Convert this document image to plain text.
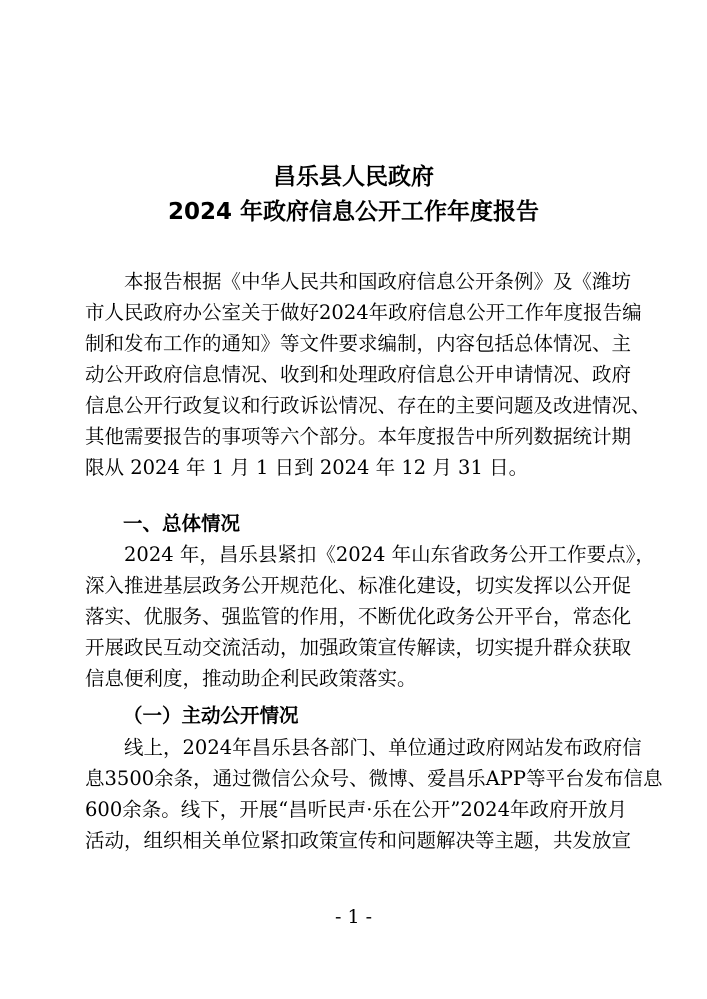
昌乐县人民政府
2024 年政府信息公开工作年度报告
　　本报告根据《中华人民共和国政府信息公开条例》及《潍坊
市人民政府办公室关于做好2024年政府信息公开工作年度报告编
制和发布工作的通知》等文件要求编制，内容包括总体情况、主
动公开政府信息情况、收到和处理政府信息公开申请情况、政府
信息公开行政复议和行政诉讼情况、存在的主要问题及改进情况、
其他需要报告的事项等六个部分。本年度报告中所列数据统计期
限从 2024 年 1 月 1 日到 2024 年 12 月 31 日。
一、总体情况
　　2024 年，昌乐县紧扣《2024 年山东省政务公开工作要点》，
深入推进基层政务公开规范化、标准化建设，切实发挥以公开促
落实、优服务、强监管的作用，不断优化政务公开平台，常态化
开展政民互动交流活动，加强政策宣传解读，切实提升群众获取
信息便利度，推动助企利民政策落实。
（一）主动公开情况
　　线上，2024年昌乐县各部门、单位通过政府网站发布政府信
息3500余条，通过微信公众号、微博、爱昌乐APP等平台发布信息
600余条。线下，开展“昌听民声·乐在公开”2024年政府开放月
活动，组织相关单位紧扣政策宣传和问题解决等主题，共发放宣
- 1 -
